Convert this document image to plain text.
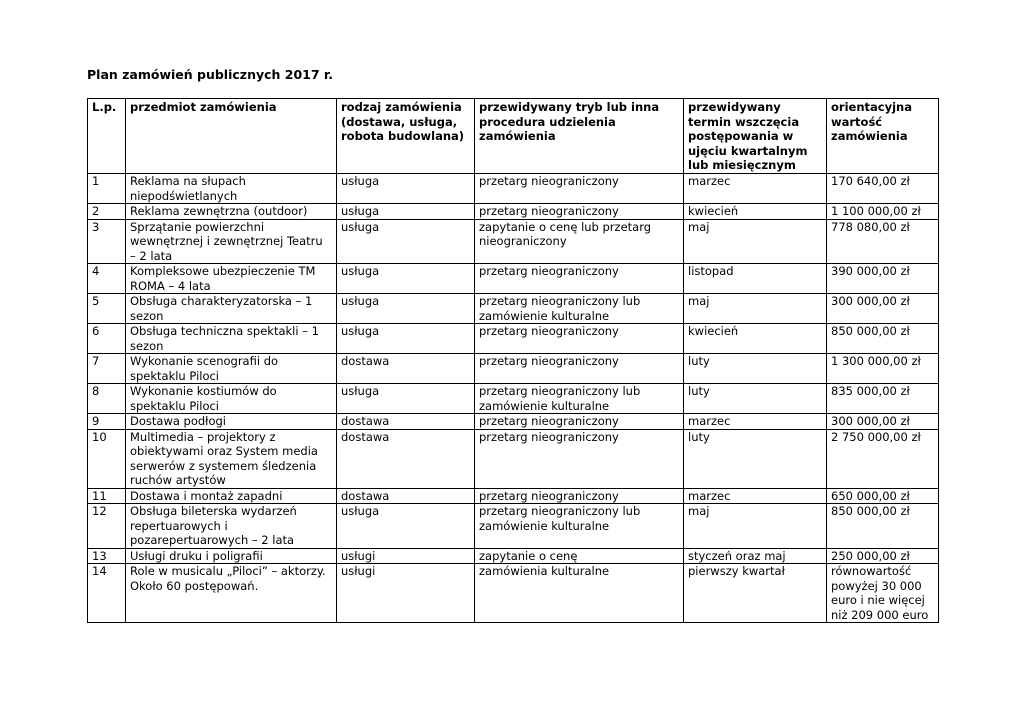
Plan zamówień publicznych 2017 r.
L.p.	przedmiot zamówienia	rodzaj zamówienia (dostawa, usługa, robota budowlana)	przewidywany tryb lub inna procedura udzielenia zamówienia	przewidywany termin wszczęcia postępowania w ujęciu kwartalnym lub miesięcznym	orientacyjna wartość zamówienia
1	Reklama na słupach niepodświetlanych	usługa	przetarg nieograniczony	marzec	170 640,00 zł
2	Reklama zewnętrzna (outdoor)	usługa	przetarg nieograniczony	kwiecień	1 100 000,00 zł
3	Sprzątanie powierzchni wewnętrznej i zewnętrznej Teatru – 2 lata	usługa	zapytanie o cenę lub przetarg nieograniczony	maj	778 080,00 zł
4	Kompleksowe ubezpieczenie TM ROMA – 4 lata	usługa	przetarg nieograniczony	listopad	390 000,00 zł
5	Obsługa charakteryzatorska – 1 sezon	usługa	przetarg nieograniczony lub zamówienie kulturalne	maj	300 000,00 zł
6	Obsługa techniczna spektakli – 1 sezon	usługa	przetarg nieograniczony	kwiecień	850 000,00 zł
7	Wykonanie scenografii do spektaklu Piloci	dostawa	przetarg nieograniczony	luty	1 300 000,00 zł
8	Wykonanie kostiumów do spektaklu Piloci	usługa	przetarg nieograniczony lub zamówienie kulturalne	luty	835 000,00 zł
9	Dostawa podłogi	dostawa	przetarg nieograniczony	marzec	300 000,00 zł
10	Multimedia – projektory z obiektywami oraz System media serwerów z systemem śledzenia ruchów artystów	dostawa	przetarg nieograniczony	luty	2 750 000,00 zł
11	Dostawa i montaż zapadni	dostawa	przetarg nieograniczony	marzec	650 000,00 zł
12	Obsługa bileterska wydarzeń repertuarowych i pozarepertuarowych – 2 lata	usługa	przetarg nieograniczony lub zamówienie kulturalne	maj	850 000,00 zł
13	Usługi druku i poligrafii	usługi	zapytanie o cenę	styczeń oraz maj	250 000,00 zł
14	Role w musicalu „Piloci” – aktorzy. Około 60 postępowań.	usługi	zamówienia kulturalne	pierwszy kwartał	równowartość powyżej 30 000 euro i nie więcej niż 209 000 euro
